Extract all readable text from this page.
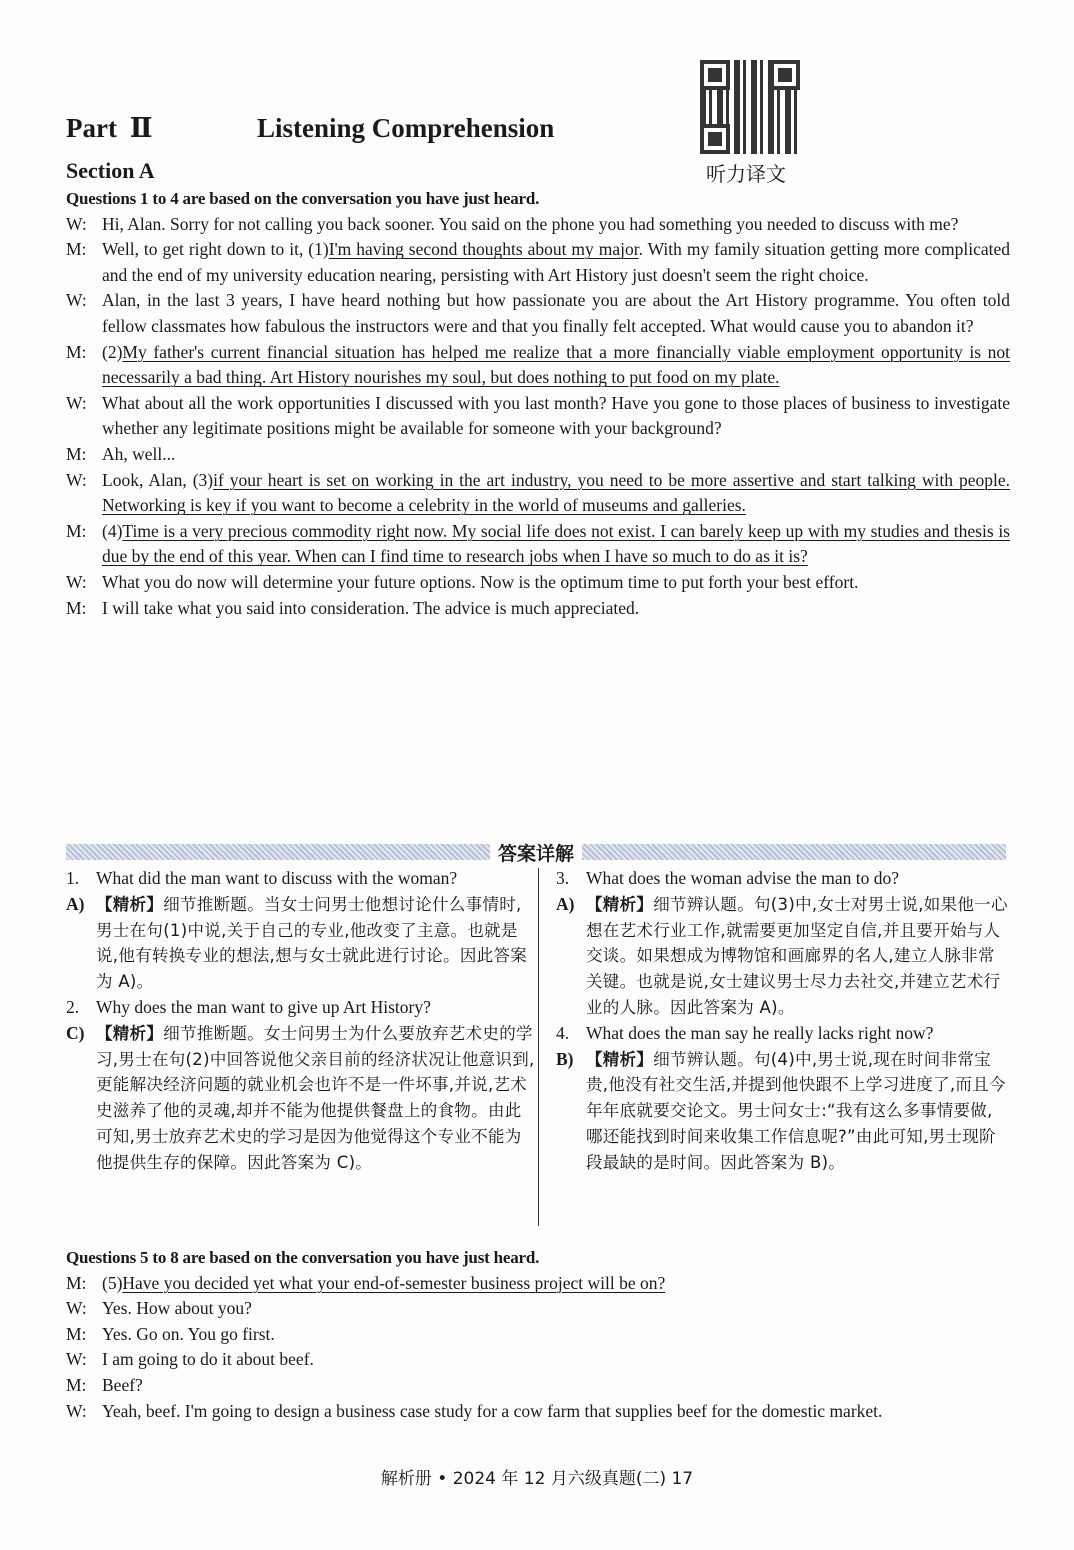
听力译文
Part Ⅱ	Listening Comprehension
Section A
Questions 1 to 4 are based on the conversation you have just heard.
W: Hi, Alan. Sorry for not calling you back sooner. You said on the phone you had something you needed to discuss with me?
M: Well, to get right down to it, (1)I'm having second thoughts about my major. With my family situation getting more complicated and the end of my university education nearing, persisting with Art History just doesn't seem the right choice.
W: Alan, in the last 3 years, I have heard nothing but how passionate you are about the Art History programme. You often told fellow classmates how fabulous the instructors were and that you finally felt accepted. What would cause you to abandon it?
M: (2)My father's current financial situation has helped me realize that a more financially viable employment opportunity is not necessarily a bad thing. Art History nourishes my soul, but does nothing to put food on my plate.
W: What about all the work opportunities I discussed with you last month? Have you gone to those places of business to investigate whether any legitimate positions might be available for someone with your background?
M: Ah, well...
W: Look, Alan, (3)if your heart is set on working in the art industry, you need to be more assertive and start talking with people. Networking is key if you want to become a celebrity in the world of museums and galleries.
M: (4)Time is a very precious commodity right now. My social life does not exist. I can barely keep up with my studies and thesis is due by the end of this year. When can I find time to research jobs when I have so much to do as it is?
W: What you do now will determine your future options. Now is the optimum time to put forth your best effort.
M: I will take what you said into consideration. The advice is much appreciated.
答案详解
1. What did the man want to discuss with the woman?
A) 【精析】细节推断题。当女士问男士他想讨论什么事情时,男士在句(1)中说,关于自己的专业,他改变了主意。也就是说,他有转换专业的想法,想与女士就此进行讨论。因此答案为 A)。
2. Why does the man want to give up Art History?
C) 【精析】细节推断题。女士问男士为什么要放弃艺术史的学习,男士在句(2)中回答说他父亲目前的经济状况让他意识到,更能解决经济问题的就业机会也许不是一件坏事,并说,艺术史滋养了他的灵魂,却并不能为他提供餐盘上的食物。由此可知,男士放弃艺术史的学习是因为他觉得这个专业不能为他提供生存的保障。因此答案为 C)。
3. What does the woman advise the man to do?
A) 【精析】细节辨认题。句(3)中,女士对男士说,如果他一心想在艺术行业工作,就需要更加坚定自信,并且要开始与人交谈。如果想成为博物馆和画廊界的名人,建立人脉非常关键。也就是说,女士建议男士尽力去社交,并建立艺术行业的人脉。因此答案为 A)。
4. What does the man say he really lacks right now?
B) 【精析】细节辨认题。句(4)中,男士说,现在时间非常宝贵,他没有社交生活,并提到他快跟不上学习进度了,而且今年年底就要交论文。男士问女士:“我有这么多事情要做,哪还能找到时间来收集工作信息呢?”由此可知,男士现阶段最缺的是时间。因此答案为 B)。
Questions 5 to 8 are based on the conversation you have just heard.
M: (5)Have you decided yet what your end-of-semester business project will be on?
W: Yes. How about you?
M: Yes. Go on. You go first.
W: I am going to do it about beef.
M: Beef?
W: Yeah, beef. I'm going to design a business case study for a cow farm that supplies beef for the domestic market.
解析册 • 2024 年 12 月六级真题(二) 17
